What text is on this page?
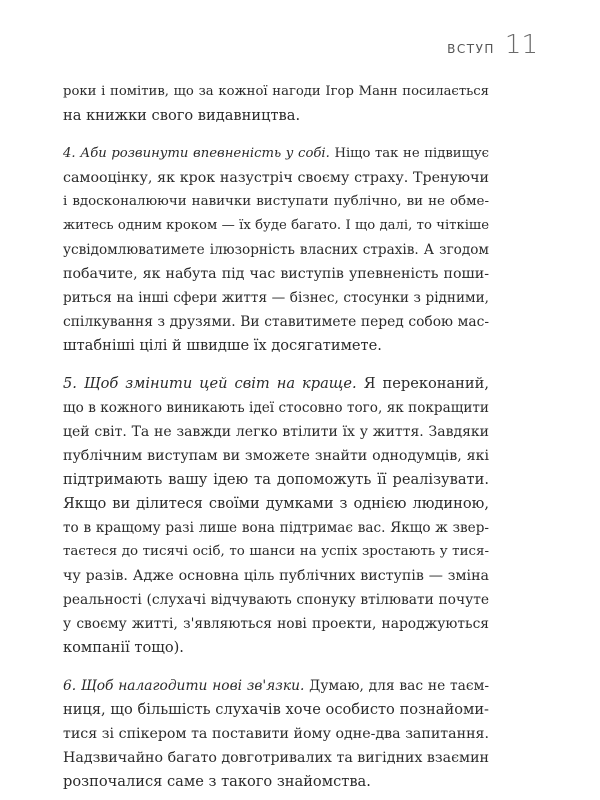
ВСТУП 11
роки і помітив, що за кожної нагоди Ігор Манн посилається
на книжки свого видавництва.
4. Аби розвинути впевненість у собі. Ніщо так не підвищує
самооцінку, як крок назустріч своєму страху. Тренуючи
і вдосконалюючи навички виступати публічно, ви не обме-
житесь одним кроком — їх буде багато. І що далі, то чіткіше
усвідомлюватимете ілюзорність власних страхів. А згодом
побачите, як набута під час виступів упевненість поши-
риться на інші сфери життя — бізнес, стосунки з рідними,
спілкування з друзями. Ви ставитимете перед собою мас-
штабніші цілі й швидше їх досягатимете.
5. Щоб змінити цей світ на краще. Я переконаний,
що в кожного виникають ідеї стосовно того, як покращити
цей світ. Та не завжди легко втілити їх у життя. Завдяки
публічним виступам ви зможете знайти однодумців, які
підтримають вашу ідею та допоможуть її реалізувати.
Якщо ви ділитеся своїми думками з однією людиною,
то в кращому разі лише вона підтримає вас. Якщо ж звер-
таєтеся до тисячі осіб, то шанси на успіх зростають у тися-
чу разів. Адже основна ціль публічних виступів — зміна
реальності (слухачі відчувають спонуку втілювати почуте
у своєму житті, з'являються нові проекти, народжуються
компанії тощо).
6. Щоб налагодити нові зв'язки. Думаю, для вас не таєм-
ниця, що більшість слухачів хоче особисто познайоми-
тися зі спікером та поставити йому одне-два запитання.
Надзвичайно багато довготривалих та вигідних взаємин
розпочалися саме з такого знайомства.
